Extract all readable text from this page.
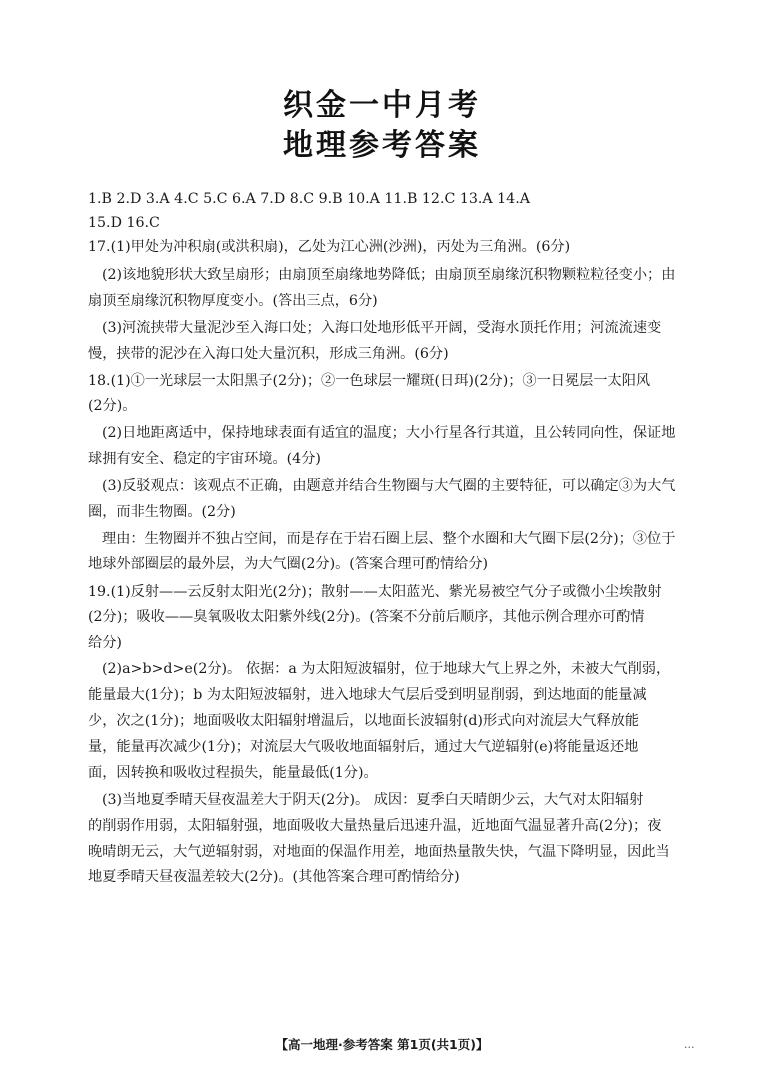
织金一中月考
地理参考答案
1.B 2.D 3.A 4.C 5.C 6.A 7.D 8.C 9.B 10.A 11.B 12.C 13.A 14.A
15.D 16.C
17.(1)甲处为冲积扇(或洪积扇)，乙处为江心洲(沙洲)，丙处为三角洲。(6分)
(2)该地貌形状大致呈扇形；由扇顶至扇缘地势降低；由扇顶至扇缘沉积物颗粒粒径变小；由
扇顶至扇缘沉积物厚度变小。(答出三点，6分)
(3)河流挟带大量泥沙至入海口处；入海口处地形低平开阔，受海水顶托作用；河流流速变
慢，挟带的泥沙在入海口处大量沉积，形成三角洲。(6分)
18.(1)①一光球层一太阳黑子(2分)；②一色球层一耀斑(日珥)(2分)；③一日冕层一太阳风
(2分)。
(2)日地距离适中，保持地球表面有适宜的温度；大小行星各行其道，且公转同向性，保证地
球拥有安全、稳定的宇宙环境。(4分)
(3)反驳观点：该观点不正确，由题意并结合生物圈与大气圈的主要特征，可以确定③为大气
圈，而非生物圈。(2分)
理由：生物圈并不独占空间，而是存在于岩石圈上层、整个水圈和大气圈下层(2分)；③位于
地球外部圈层的最外层，为大气圈(2分)。(答案合理可酌情给分)
19.(1)反射——云反射太阳光(2分)；散射——太阳蓝光、紫光易被空气分子或微小尘埃散射
(2分)；吸收——臭氧吸收太阳紫外线(2分)。(答案不分前后顺序，其他示例合理亦可酌情
给分)
(2)a>b>d>e(2分)。 依据：a 为太阳短波辐射，位于地球大气上界之外，未被大气削弱，
能量最大(1分)；b 为太阳短波辐射，进入地球大气层后受到明显削弱，到达地面的能量减
少，次之(1分)；地面吸收太阳辐射增温后，以地面长波辐射(d)形式向对流层大气释放能
量，能量再次减少(1分)；对流层大气吸收地面辐射后，通过大气逆辐射(e)将能量返还地
面，因转换和吸收过程损失，能量最低(1分)。
(3)当地夏季晴天昼夜温差大于阴天(2分)。 成因：夏季白天晴朗少云，大气对太阳辐射
的削弱作用弱，太阳辐射强，地面吸收大量热量后迅速升温，近地面气温显著升高(2分)；夜
晚晴朗无云，大气逆辐射弱，对地面的保温作用差，地面热量散失快，气温下降明显，因此当
地夏季晴天昼夜温差较大(2分)。(其他答案合理可酌情给分)
【高一地理·参考答案 第1页(共1页)】	...
